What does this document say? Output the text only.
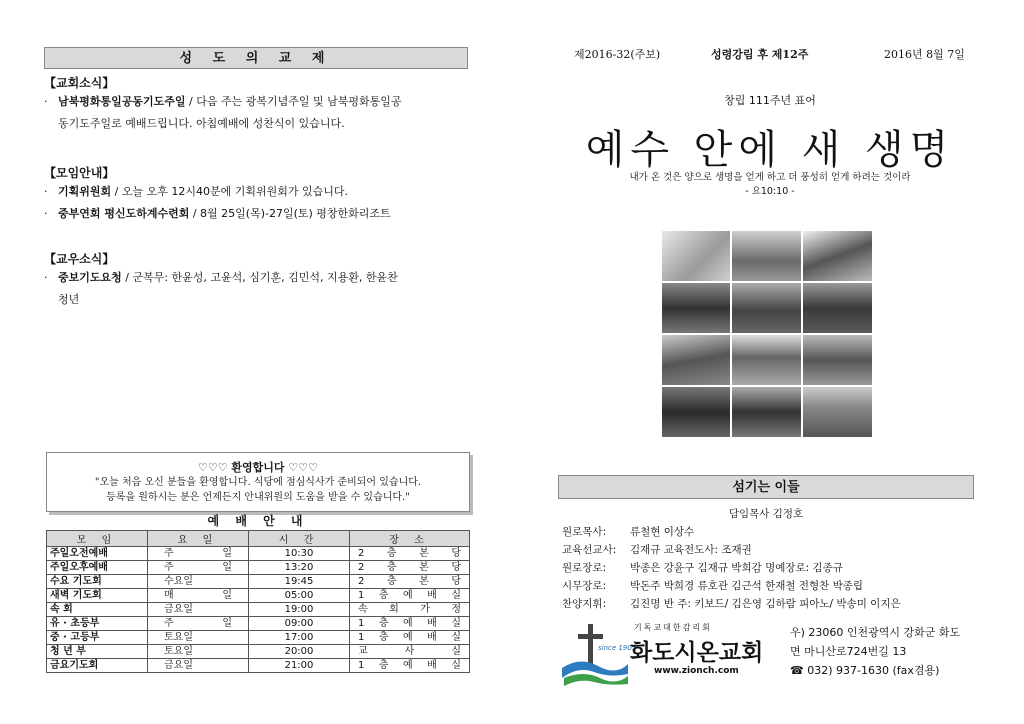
성 도 의 교 제
【교회소식】
· 남북평화통일공동기도주일 / 다음 주는 광복기념주일 및 남북평화통일공
동기도주일로 예배드립니다. 아침예배에 성찬식이 있습니다.
【모임안내】
· 기획위원회 / 오늘 오후 12시40분에 기획위원회가 있습니다.
· 중부연회 평신도하계수련회 / 8월 25일(목)-27일(토) 평창한화리조트
【교우소식】
· 중보기도요청 / 군복무: 한윤성, 고윤석, 심기훈, 김민석, 지용환, 한윤찬
청년
♡♡♡ 환영합니다 ♡♡♡
"오늘 처음 오신 분들을 환영합니다. 식당에 점심식사가 준비되어 있습니다.
등록을 원하시는 분은 언제든지 안내위원의 도움을 받을 수 있습니다."
예 배 안 내
모 임	요 일	시 간	장 소
주일오전예배	주 일	10:30	2 층 본 당
주일오후예배	주 일	13:20	2 층 본 당
수요 기도회	수요일	19:45	2 층 본 당
새벽 기도회	매 일	05:00	1 층 예 배 실
속 회	금요일	19:00	속 회 가 정
유 · 초등부	주 일	09:00	1 층 예 배 실
중 · 고등부	토요일	17:00	1 층 예 배 실
청 년 부	토요일	20:00	교 사 실
금요기도회	금요일	21:00	1 층 예 배 실
제2016-32(주보)	성령강림 후 제12주	2016년 8월 7일
창립 111주년 표어
예수 안에 새 생명
내가 온 것은 양으로 생명을 얻게 하고 더 풍성히 얻게 하려는 것이라
- 요10:10 -
섬기는 이들
담임목사 김정호
원로목사: 류철현 이상수
교육선교사: 김재규 교육전도사: 조재권
원로장로: 박종은 강윤구 김재규 박희감 명예장로: 김종규
시무장로: 박돈주 박희경 류호관 김근석 한재철 전형찬 박종립
찬양지휘: 김진명 반 주: 키보드/ 김은영 김하람 피아노/ 박송미 이지은
since 1905
기독교대한감리회
화도시온교회
www.zionch.com
우) 23060 인천광역시 강화군 화도
면 마니산로724번길 13
☎ 032) 937-1630 (fax겸용)
